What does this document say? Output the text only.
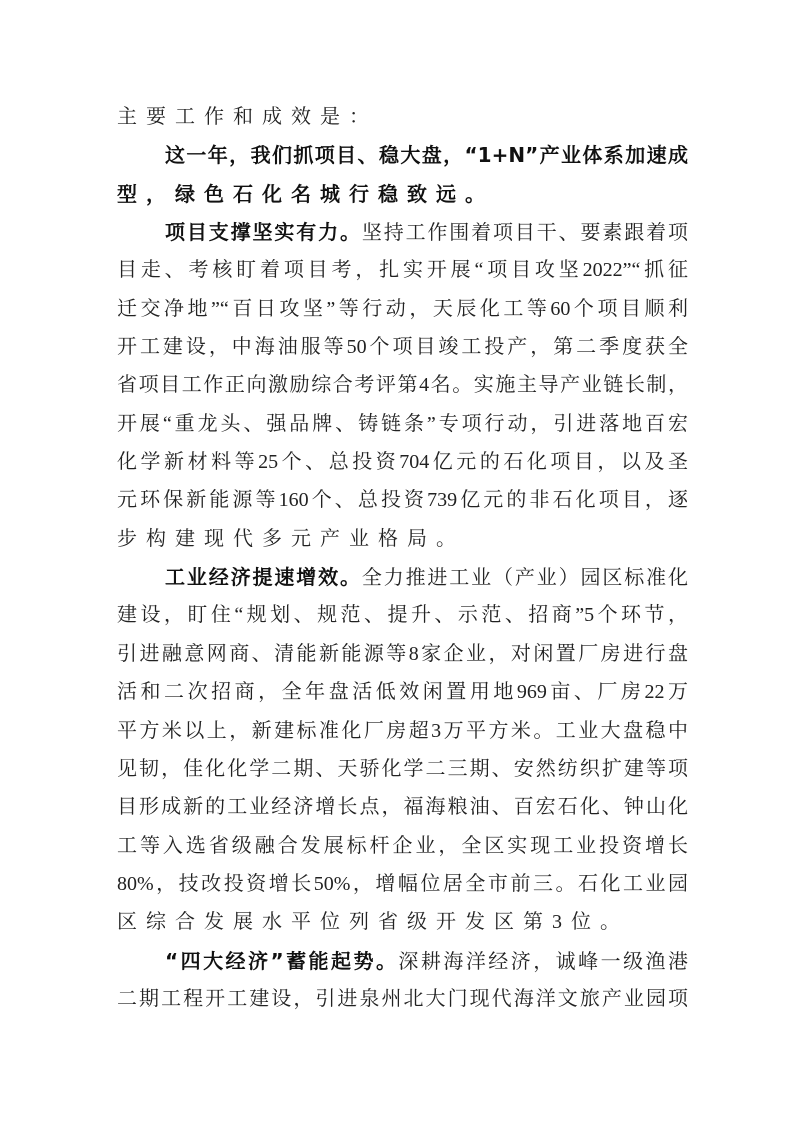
主要工作和成效是：
这一年，我们抓项目、稳大盘，“1+N”产业体系加速成
型，绿色石化名城行稳致远。
项目支撑坚实有力。坚持工作围着项目干、要素跟着项
目走、考核盯着项目考，扎实开展“项目攻坚2022”“抓征
迁交净地”“百日攻坚”等行动，天辰化工等60个项目顺利
开工建设，中海油服等50个项目竣工投产，第二季度获全
省项目工作正向激励综合考评第4名。实施主导产业链长制，
开展“重龙头、强品牌、铸链条”专项行动，引进落地百宏
化学新材料等25个、总投资704亿元的石化项目，以及圣
元环保新能源等160个、总投资739亿元的非石化项目，逐
步构建现代多元产业格局。
工业经济提速增效。全力推进工业（产业）园区标准化
建设，盯住“规划、规范、提升、示范、招商”5个环节，
引进融意网商、清能新能源等8家企业，对闲置厂房进行盘
活和二次招商，全年盘活低效闲置用地969亩、厂房22万
平方米以上，新建标准化厂房超3万平方米。工业大盘稳中
见韧，佳化化学二期、天骄化学二三期、安然纺织扩建等项
目形成新的工业经济增长点，福海粮油、百宏石化、钟山化
工等入选省级融合发展标杆企业，全区实现工业投资增长
80%，技改投资增长50%，增幅位居全市前三。石化工业园
区综合发展水平位列省级开发区第3位。
“四大经济”蓄能起势。深耕海洋经济，诚峰一级渔港
二期工程开工建设，引进泉州北大门现代海洋文旅产业园项
